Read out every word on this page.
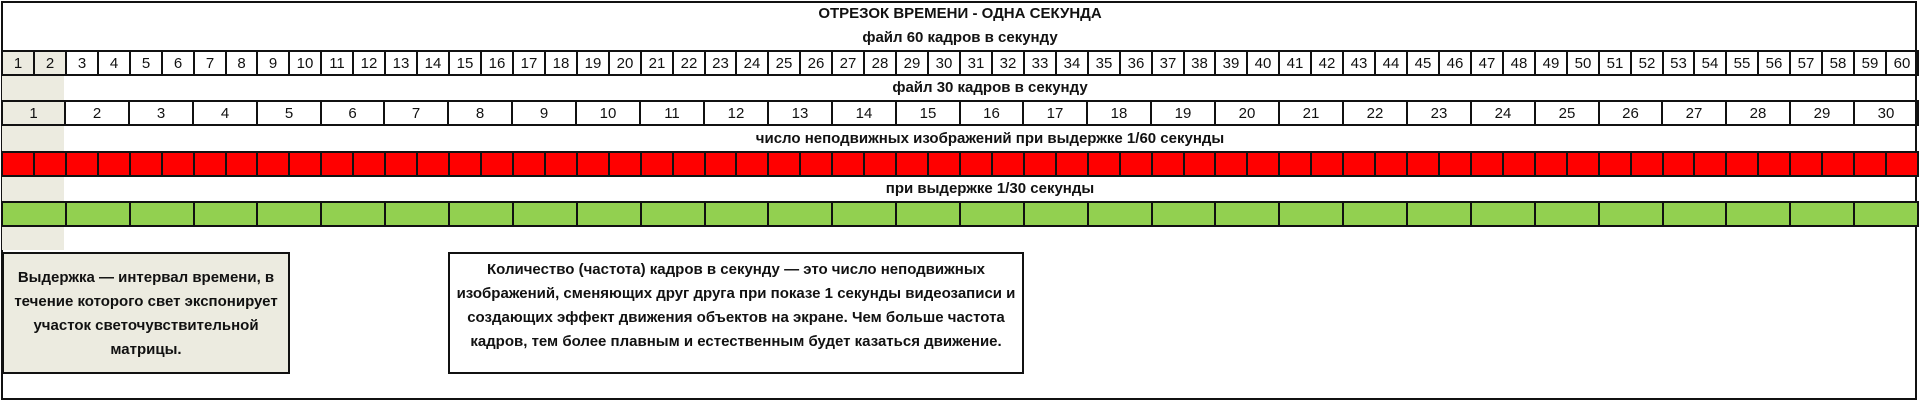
ОТРЕЗОК ВРЕМЕНИ - ОДНА СЕКУНДА
файл 60 кадров в секунду
1	2	3	4	5	6	7	8	9	10	11	12	13	14	15	16	17	18	19	20	21	22 23 24	25	26	27	28	29	30	31	32	33	34	35	36	37 38 39	40	41	42	43	44	45	46	47	48	49	50	51	52 53 54	55	56	57	58	59	60
файл 30 кадров в секунду
1	2	3	4	5	6	7	8	9	10	11	12	13	14	15	16	17	18	19	20	21	22	23	24	25	26	27	28	29	30
число неподвижных изображений при выдержке 1/60 секунды
при выдержке 1/30 секунды
Выдержка — интервал времени, в течение которого свет экспонирует участок светочувствительной матрицы.
Количество (частота) кадров в секунду — это число неподвижных изображений, сменяющих друг друга при показе 1 секунды видеозаписи и создающих эффект движения объектов на экране. Чем больше частота кадров, тем более плавным и естественным будет казаться движение.
